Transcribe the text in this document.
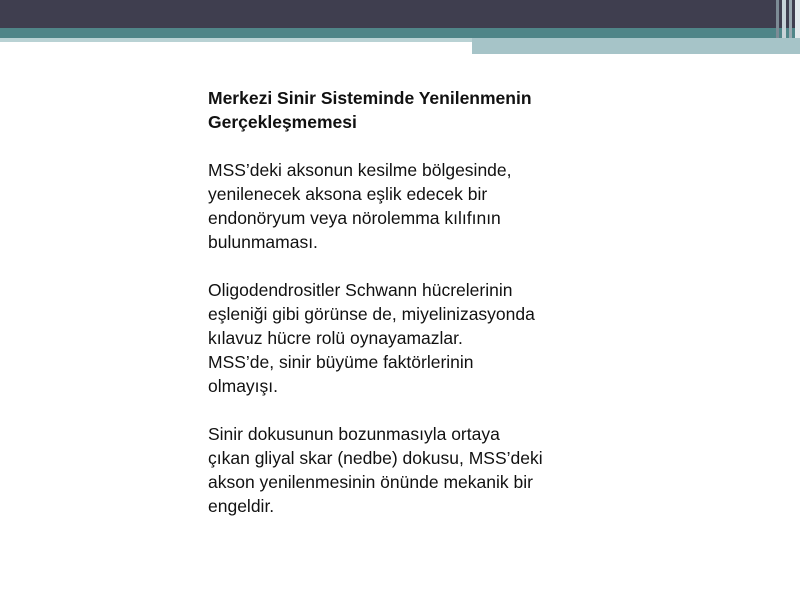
Merkezi Sinir Sisteminde Yenilenmenin
Gerçekleşmemesi

MSS’deki aksonun kesilme bölgesinde,
yenilenecek aksona eşlik edecek bir
endonöryum veya nörolemma kılıfının
bulunmaması.

Oligodendrositler Schwann hücrelerinin
eşleniği gibi görünse de, miyelinizasyonda
kılavuz hücre rolü oynayamazlar.
MSS’de, sinir büyüme faktörlerinin
olmayışı.

Sinir dokusunun bozunmasıyla ortaya
çıkan gliyal skar (nedbe) dokusu, MSS’deki
akson yenilenmesinin önünde mekanik bir
engeldir.
